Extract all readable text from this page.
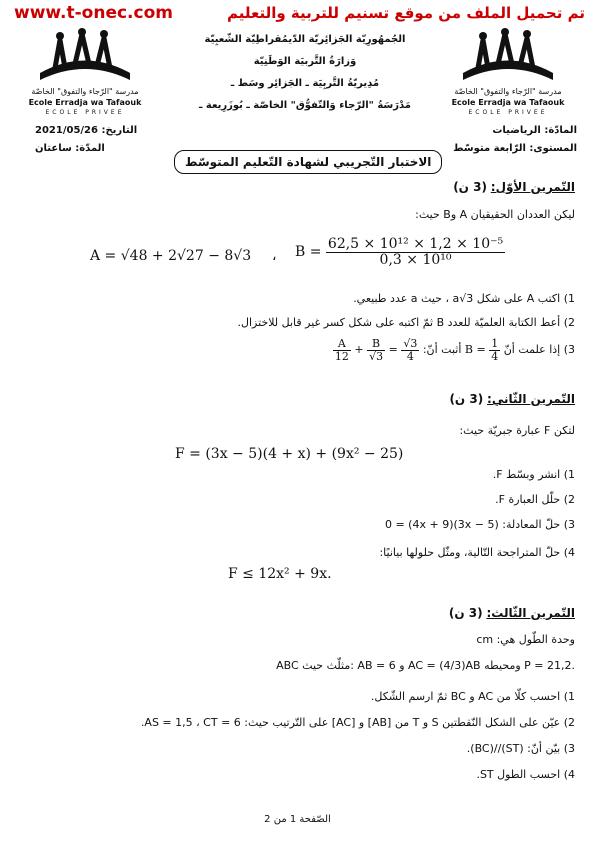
www.t-onec.com	تم تحميل الملف من موقع تسنيم للتربية والتعليم
مدرسة "الرّجاء والتفوق" الخاصّة
Ecole Erradja wa Tafaouk
ECOLE PRIVEE
مدرسة "الرّجاء والتفوق" الخاصّة
Ecole Erradja wa Tafaouk
ECOLE PRIVEE
الجُمهُورِيّة الجَزائِريّة الدّيمُقراطِيّة الشّعبِيّة
وَزارَةُ التَّربيَة الوَطَنِيّة
مُدِيريّةُ التَّربِيَة ـ الجَزائِر وسَط ـ
مَدْرَسَةُ "الرّجاء وَالتّفوُّق" الخاصّة ـ بُوزَرِيعة ـ
المادّة: الرياضيات
المستوى: الرّابعة متوسّط
التاريخ: 2021/05/26
المدّة: ساعتان
الاختبار التّجريبي لشهادة التّعليم المتوسّط
التّمرين الأوّل: (3 ن)
ليكن العددان الحقيقيان A وB حيث:
A = √48 + 2√27 − 8√3 ، $B = \frac{\text{62,5 × 10¹² × 1,2 × 10⁻⁵}}{\text{0,3 × 10¹⁰}}$
1) اكتب A على شكل a√3 ، حيث a عدد طبيعي.
2) أعط الكتابة العلميّة للعدد B ثمّ اكتبه على شكل كسر غير قابل للاختزال.
3) إذا علمت أنّ $B = \frac{1}{4}$
أثبت أنّ:
$\frac{A}{12} + \frac{B}{√3} = \frac{√3}{4}$
التّمرين الثّاني: (3 ن)
لتكن F عبارة جبريّة حيث:
F = (3x − 5)(4 + x) + (9x² − 25)
1) انشر وبسّط F.
2) حلّل العبارة F.
3) حلّ المعادلة: (3x − 5)(4x + 9) = 0
4) حلّ المتراجحة التّالية، ومثّل حلولها بيانيًا:
F ≤ 12x² + 9x.
التّمرين الثّالث: (3 ن)
وحدة الطّول هي: cm
ABC مثلّث حيث: AB = 6 و AC = (4/3)AB ومحيطه P = 21,2.
1) احسب كلّا من AC و BC ثمّ ارسم الشّكل.
2) عيّن على الشكل النّقطتين S و T من [AB] و [AC] على التّرتيب حيث: AS = 1,5 ، CT = 6.
3) بيّن أنّ: (ST)//(BC).
4) احسب الطول ST.
الصّفحة 1 من 2
